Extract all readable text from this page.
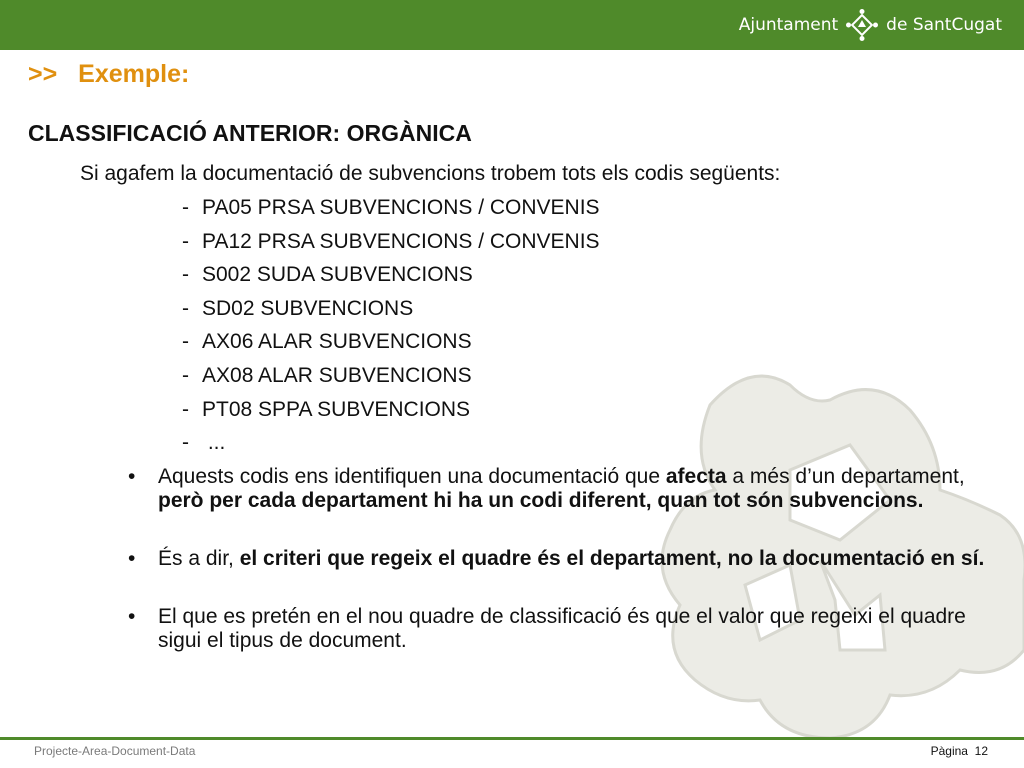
Ajuntament	de SantCugat
>> Exemple:
CLASSIFICACIÓ ANTERIOR: ORGÀNICA
Si agafem la documentació de subvencions trobem tots els codis següents:
- PA05 PRSA SUBVENCIONS / CONVENIS
- PA12 PRSA SUBVENCIONS / CONVENIS
- S002 SUDA SUBVENCIONS
- SD02 SUBVENCIONS
- AX06 ALAR SUBVENCIONS
- AX08 ALAR SUBVENCIONS
- PT08 SPPA SUBVENCIONS
- ...
• Aquests codis ens identifiquen una documentació que afecta a més d’un departament, però per cada departament hi ha un codi diferent, quan tot són subvencions.
• És a dir, el criteri que regeix el quadre és el departament, no la documentació en sí.
• El que es pretén en el nou quadre de classificació és que el valor que regeixi el quadre sigui el tipus de document.
Projecte-Area-Document-Data	Pàgina 12
